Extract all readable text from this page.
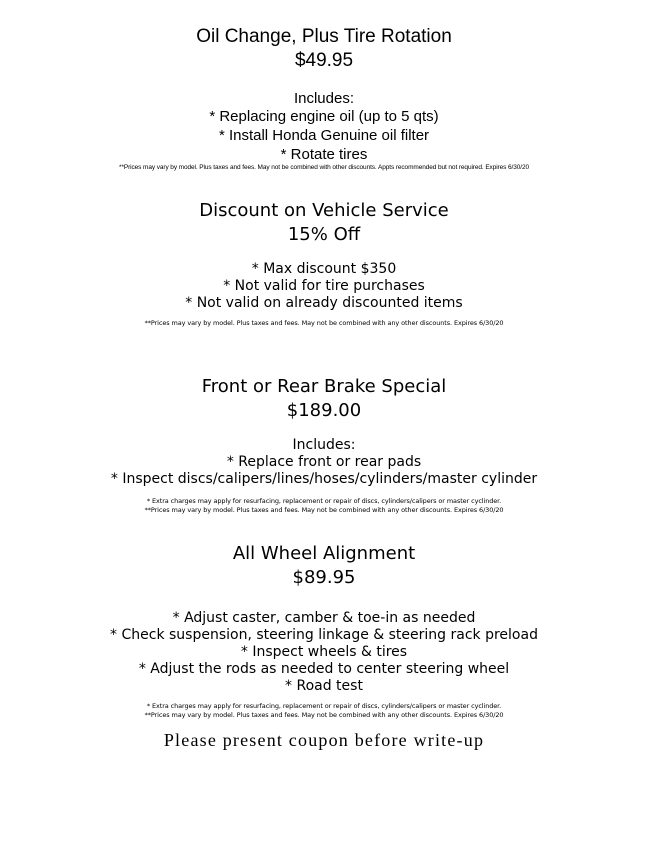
Oil Change, Plus Tire Rotation
$49.95
Includes:
* Replacing engine oil (up to 5 qts)
* Install Honda Genuine oil filter
* Rotate tires
**Prices may vary by model. Plus taxes and fees. May not be combined with other discounts. Appts recommended but not required. Expires 6/30/20
Discount on Vehicle Service
15% Off
* Max discount $350
* Not valid for tire purchases
* Not valid on already discounted items
**Prices may vary by model. Plus taxes and fees. May not be combined with any other discounts. Expires 6/30/20
Front or Rear Brake Special
$189.00
Includes:
* Replace front or rear pads
* Inspect discs/calipers/lines/hoses/cylinders/master cylinder
* Extra charges may apply for resurfacing, replacement or repair of discs, cylinders/calipers or master cyclinder.
**Prices may vary by model. Plus taxes and fees. May not be combined with any other discounts. Expires 6/30/20
All Wheel Alignment
$89.95
* Adjust caster, camber & toe-in as needed
* Check suspension, steering linkage & steering rack preload
* Inspect wheels & tires
* Adjust the rods as needed to center steering wheel
* Road test
* Extra charges may apply for resurfacing, replacement or repair of discs, cylinders/calipers or master cyclinder.
**Prices may vary by model. Plus taxes and fees. May not be combined with any other discounts. Expires 6/30/20
Please present coupon before write-up
